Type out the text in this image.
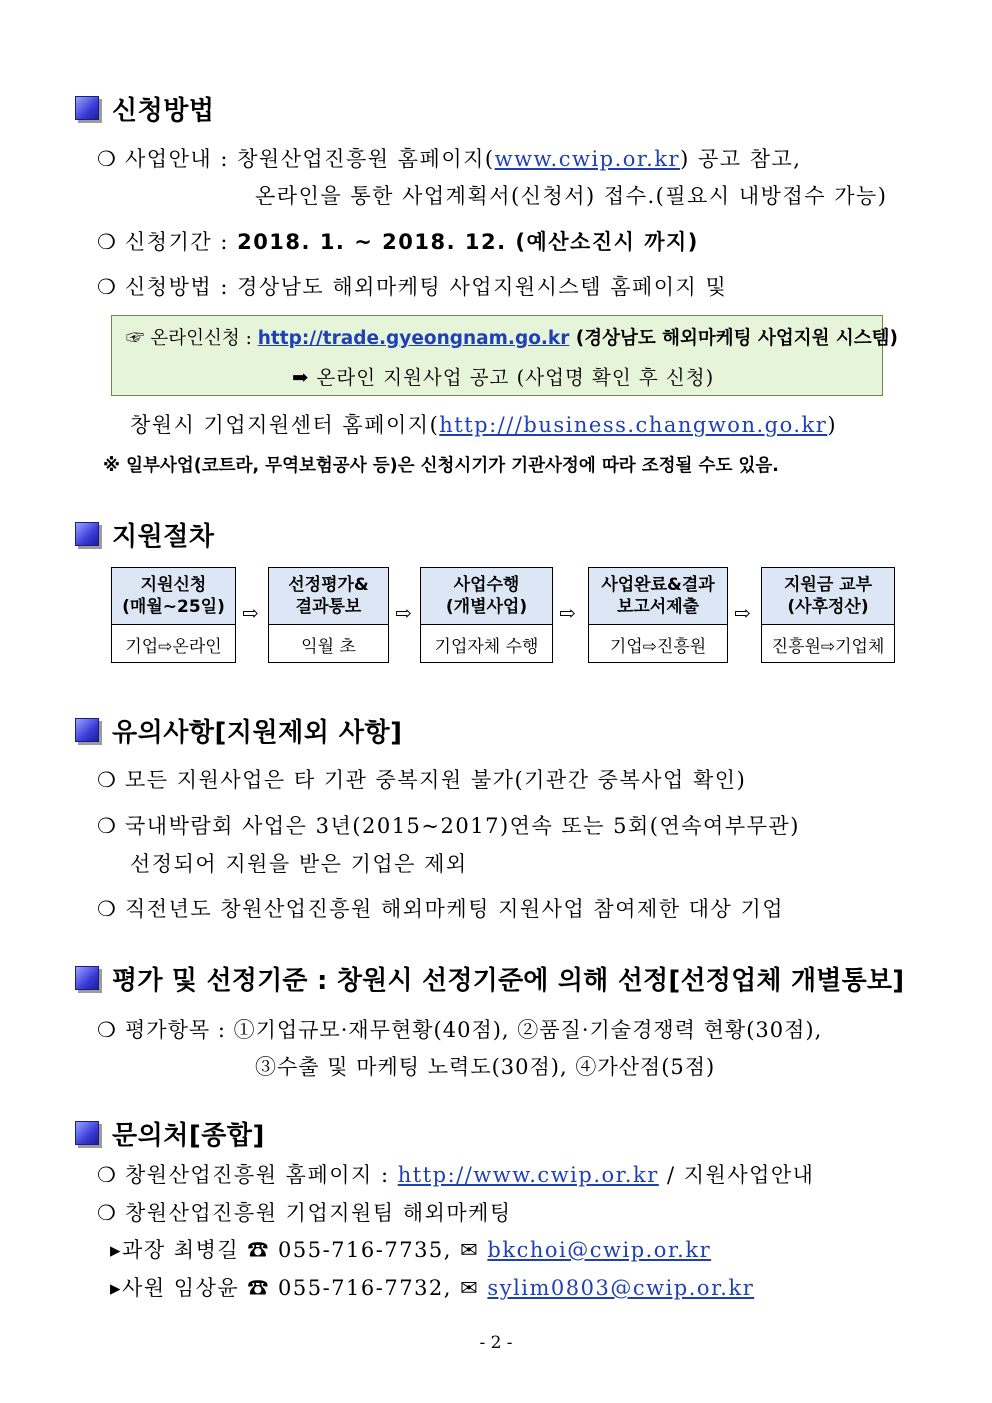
신청방법
❍ 사업안내 : 창원산업진흥원 홈페이지(www.cwip.or.kr) 공고 참고,
온라인을 통한 사업계획서(신청서) 접수.(필요시 내방접수 가능)
❍ 신청기간 : 2018. 1. ~ 2018. 12. (예산소진시 까지)
❍ 신청방법 : 경상남도 해외마케팅 사업지원시스템 홈페이지 및
☞ 온라인신청 : http://trade.gyeongnam.go.kr (경상남도 해외마케팅 사업지원 시스템)
➡ 온라인 지원사업 공고 (사업명 확인 후 신청)
창원시 기업지원센터 홈페이지(http:///business.changwon.go.kr)
※ 일부사업(코트라, 무역보험공사 등)은 신청시기가 기관사정에 따라 조정될 수도 있음.
지원절차
지원신청
(매월~25일)
기업⇨온라인
⇨
선정평가&
결과통보
익월 초
⇨
사업수행
(개별사업)
기업자체 수행
⇨
사업완료&결과
보고서제출
기업⇨진흥원
⇨
지원금 교부
(사후정산)
진흥원⇨기업체
유의사항[지원제외 사항]
❍ 모든 지원사업은 타 기관 중복지원 불가(기관간 중복사업 확인)
❍ 국내박람회 사업은 3년(2015~2017)연속 또는 5회(연속여부무관)
선정되어 지원을 받은 기업은 제외
❍ 직전년도 창원산업진흥원 해외마케팅 지원사업 참여제한 대상 기업
평가 및 선정기준 : 창원시 선정기준에 의해 선정[선정업체 개별통보]
❍ 평가항목 : ①기업규모·재무현황(40점), ②품질·기술경쟁력 현황(30점),
③수출 및 마케팅 노력도(30점), ④가산점(5점)
문의처[종합]
❍ 창원산업진흥원 홈페이지 : http://www.cwip.or.kr / 지원사업안내
❍ 창원산업진흥원 기업지원팀 해외마케팅
▸과장 최병길 ☎ 055-716-7735, ✉ bkchoi@cwip.or.kr
▸사원 임상윤 ☎ 055-716-7732, ✉ sylim0803@cwip.or.kr
- 2 -
